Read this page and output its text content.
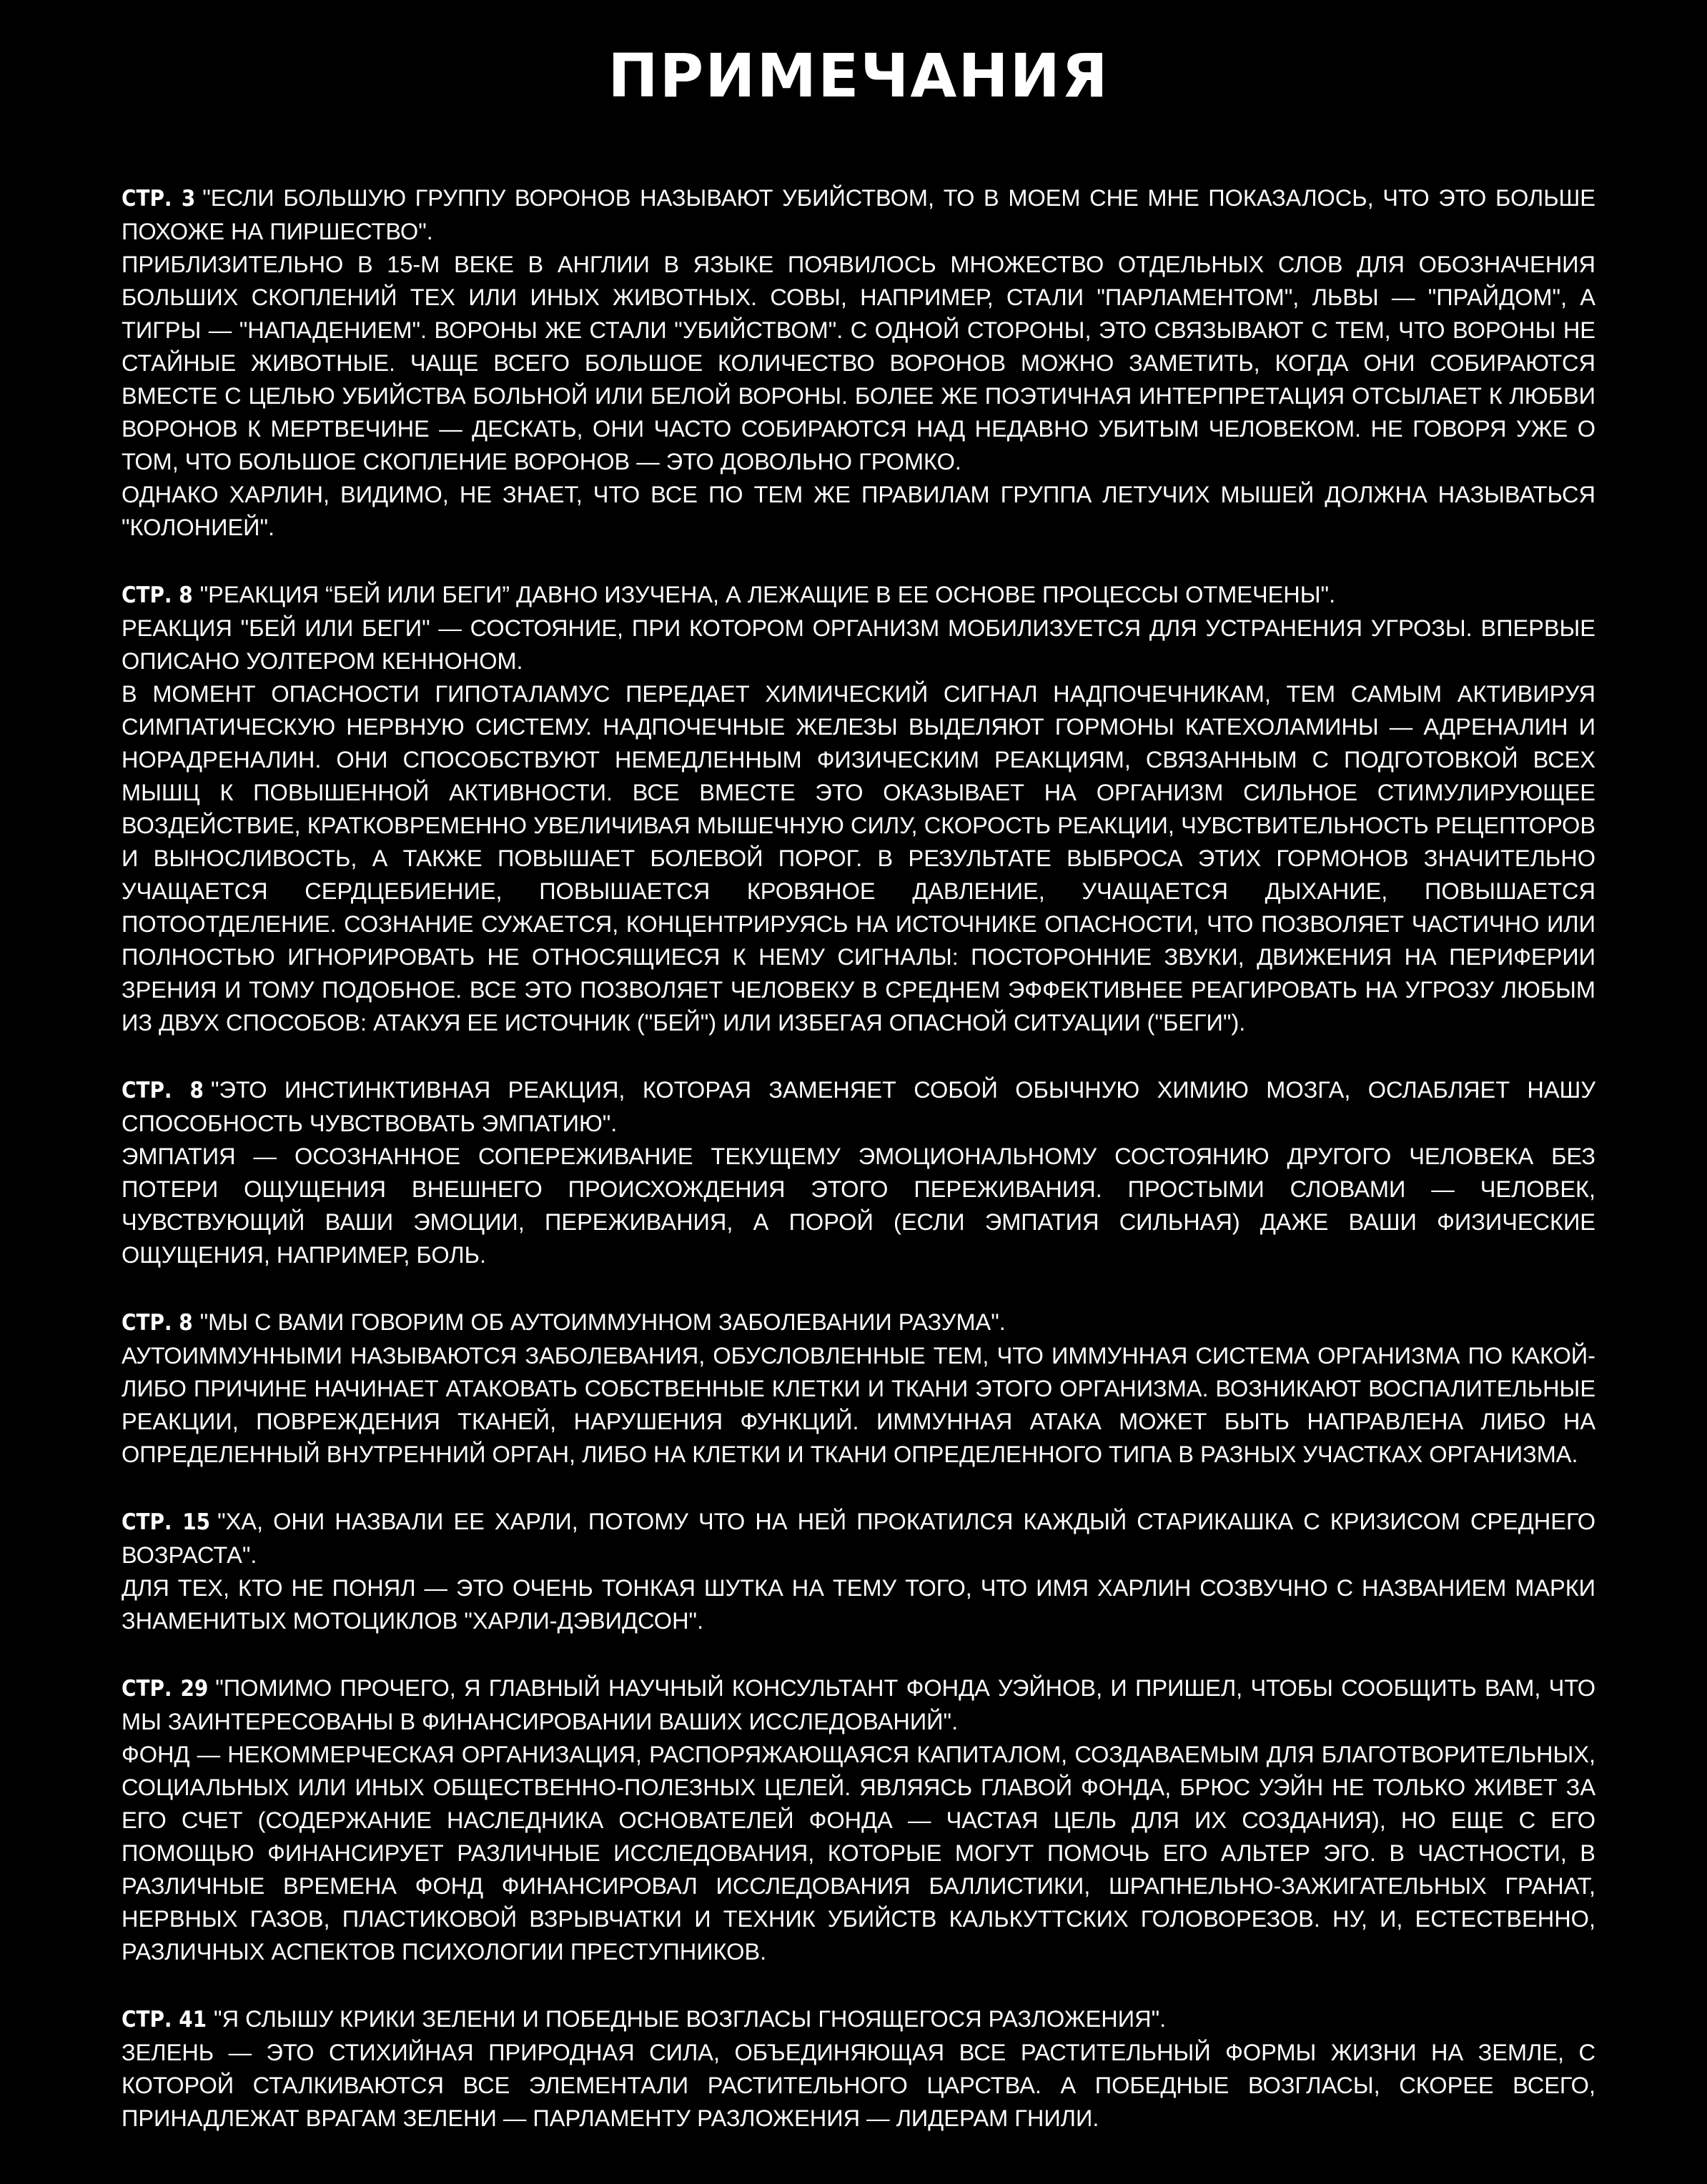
ПРИМЕЧАНИЯ

СТР. 3 "ЕСЛИ БОЛЬШУЮ ГРУППУ ВОРОНОВ НАЗЫВАЮТ УБИЙСТВОМ, ТО В МОЕМ СНЕ МНЕ ПОКАЗАЛОСЬ, ЧТО ЭТО БОЛЬШЕ ПОХОЖЕ НА ПИРШЕСТВО".

ПРИБЛИЗИТЕЛЬНО В 15-М ВЕКЕ В АНГЛИИ В ЯЗЫКЕ ПОЯВИЛОСЬ МНОЖЕСТВО ОТДЕЛЬНЫХ СЛОВ ДЛЯ ОБОЗНАЧЕНИЯ БОЛЬШИХ СКОПЛЕНИЙ ТЕХ ИЛИ ИНЫХ ЖИВОТНЫХ. СОВЫ, НАПРИМЕР, СТАЛИ "ПАРЛАМЕНТОМ", ЛЬВЫ — "ПРАЙДОМ", А ТИГРЫ — "НАПАДЕНИЕМ". ВОРОНЫ ЖЕ СТАЛИ "УБИЙСТВОМ". С ОДНОЙ СТОРОНЫ, ЭТО СВЯЗЫВАЮТ С ТЕМ, ЧТО ВОРОНЫ НЕ СТАЙНЫЕ ЖИВОТНЫЕ. ЧАЩЕ ВСЕГО БОЛЬШОЕ КОЛИЧЕСТВО ВОРОНОВ МОЖНО ЗАМЕТИТЬ, КОГДА ОНИ СОБИРАЮТСЯ ВМЕСТЕ С ЦЕЛЬЮ УБИЙСТВА БОЛЬНОЙ ИЛИ БЕЛОЙ ВОРОНЫ. БОЛЕЕ ЖЕ ПОЭТИЧНАЯ ИНТЕРПРЕТАЦИЯ ОТСЫЛАЕТ К ЛЮБВИ ВОРОНОВ К МЕРТВЕЧИНЕ — ДЕСКАТЬ, ОНИ ЧАСТО СОБИРАЮТСЯ НАД НЕДАВНО УБИТЫМ ЧЕЛОВЕКОМ. НЕ ГОВОРЯ УЖЕ О ТОМ, ЧТО БОЛЬШОЕ СКОПЛЕНИЕ ВОРОНОВ — ЭТО ДОВОЛЬНО ГРОМКО.

ОДНАКО ХАРЛИН, ВИДИМО, НЕ ЗНАЕТ, ЧТО ВСЕ ПО ТЕМ ЖЕ ПРАВИЛАМ ГРУППА ЛЕТУЧИХ МЫШЕЙ ДОЛЖНА НАЗЫВАТЬСЯ "КОЛОНИЕЙ".

СТР. 8 "РЕАКЦИЯ “БЕЙ ИЛИ БЕГИ” ДАВНО ИЗУЧЕНА, А ЛЕЖАЩИЕ В ЕЕ ОСНОВЕ ПРОЦЕССЫ ОТМЕЧЕНЫ".

РЕАКЦИЯ "БЕЙ ИЛИ БЕГИ" — СОСТОЯНИЕ, ПРИ КОТОРОМ ОРГАНИЗМ МОБИЛИЗУЕТСЯ ДЛЯ УСТРАНЕНИЯ УГРОЗЫ. ВПЕРВЫЕ ОПИСАНО УОЛТЕРОМ КЕННОНОМ.

В МОМЕНТ ОПАСНОСТИ ГИПОТАЛАМУС ПЕРЕДАЕТ ХИМИЧЕСКИЙ СИГНАЛ НАДПОЧЕЧНИКАМ, ТЕМ САМЫМ АКТИВИРУЯ СИМПАТИЧЕСКУЮ НЕРВНУЮ СИСТЕМУ. НАДПОЧЕЧНЫЕ ЖЕЛЕЗЫ ВЫДЕЛЯЮТ ГОРМОНЫ КАТЕХОЛАМИНЫ — АДРЕНАЛИН И НОРАДРЕНАЛИН. ОНИ СПОСОБСТВУЮТ НЕМЕДЛЕННЫМ ФИЗИЧЕСКИМ РЕАКЦИЯМ, СВЯЗАННЫМ С ПОДГОТОВКОЙ ВСЕХ МЫШЦ К ПОВЫШЕННОЙ АКТИВНОСТИ. ВСЕ ВМЕСТЕ ЭТО ОКАЗЫВАЕТ НА ОРГАНИЗМ СИЛЬНОЕ СТИМУЛИРУЮЩЕЕ ВОЗДЕЙСТВИЕ, КРАТКОВРЕМЕННО УВЕЛИЧИВАЯ МЫШЕЧНУЮ СИЛУ, СКОРОСТЬ РЕАКЦИИ, ЧУВСТВИТЕЛЬНОСТЬ РЕЦЕПТОРОВ И ВЫНОСЛИВОСТЬ, А ТАКЖЕ ПОВЫШАЕТ БОЛЕВОЙ ПОРОГ. В РЕЗУЛЬТАТЕ ВЫБРОСА ЭТИХ ГОРМОНОВ ЗНАЧИТЕЛЬНО УЧАЩАЕТСЯ СЕРДЦЕБИЕНИЕ, ПОВЫШАЕТСЯ КРОВЯНОЕ ДАВЛЕНИЕ, УЧАЩАЕТСЯ ДЫХАНИЕ, ПОВЫШАЕТСЯ ПОТООТДЕЛЕНИЕ. СОЗНАНИЕ СУЖАЕТСЯ, КОНЦЕНТРИРУЯСЬ НА ИСТОЧНИКЕ ОПАСНОСТИ, ЧТО ПОЗВОЛЯЕТ ЧАСТИЧНО ИЛИ ПОЛНОСТЬЮ ИГНОРИРОВАТЬ НЕ ОТНОСЯЩИЕСЯ К НЕМУ СИГНАЛЫ: ПОСТОРОННИЕ ЗВУКИ, ДВИЖЕНИЯ НА ПЕРИФЕРИИ ЗРЕНИЯ И ТОМУ ПОДОБНОЕ. ВСЕ ЭТО ПОЗВОЛЯЕТ ЧЕЛОВЕКУ В СРЕДНЕМ ЭФФЕКТИВНЕЕ РЕАГИРОВАТЬ НА УГРОЗУ ЛЮБЫМ ИЗ ДВУХ СПОСОБОВ: АТАКУЯ ЕЕ ИСТОЧНИК ("БЕЙ") ИЛИ ИЗБЕГАЯ ОПАСНОЙ СИТУАЦИИ ("БЕГИ").

СТР. 8 "ЭТО ИНСТИНКТИВНАЯ РЕАКЦИЯ, КОТОРАЯ ЗАМЕНЯЕТ СОБОЙ ОБЫЧНУЮ ХИМИЮ МОЗГА, ОСЛАБЛЯЕТ НАШУ СПОСОБНОСТЬ ЧУВСТВОВАТЬ ЭМПАТИЮ".

ЭМПАТИЯ — ОСОЗНАННОЕ СОПЕРЕЖИВАНИЕ ТЕКУЩЕМУ ЭМОЦИОНАЛЬНОМУ СОСТОЯНИЮ ДРУГОГО ЧЕЛОВЕКА БЕЗ ПОТЕРИ ОЩУЩЕНИЯ ВНЕШНЕГО ПРОИСХОЖДЕНИЯ ЭТОГО ПЕРЕЖИВАНИЯ. ПРОСТЫМИ СЛОВАМИ — ЧЕЛОВЕК, ЧУВСТВУЮЩИЙ ВАШИ ЭМОЦИИ, ПЕРЕЖИВАНИЯ, А ПОРОЙ (ЕСЛИ ЭМПАТИЯ СИЛЬНАЯ) ДАЖЕ ВАШИ ФИЗИЧЕСКИЕ ОЩУЩЕНИЯ, НАПРИМЕР, БОЛЬ.

СТР. 8 "МЫ С ВАМИ ГОВОРИМ ОБ АУТОИММУННОМ ЗАБОЛЕВАНИИ РАЗУМА".

АУТОИММУННЫМИ НАЗЫВАЮТСЯ ЗАБОЛЕВАНИЯ, ОБУСЛОВЛЕННЫЕ ТЕМ, ЧТО ИММУННАЯ СИСТЕМА ОРГАНИЗМА ПО КАКОЙ-ЛИБО ПРИЧИНЕ НАЧИНАЕТ АТАКОВАТЬ СОБСТВЕННЫЕ КЛЕТКИ И ТКАНИ ЭТОГО ОРГАНИЗМА. ВОЗНИКАЮТ ВОСПАЛИТЕЛЬНЫЕ РЕАКЦИИ, ПОВРЕЖДЕНИЯ ТКАНЕЙ, НАРУШЕНИЯ ФУНКЦИЙ. ИММУННАЯ АТАКА МОЖЕТ БЫТЬ НАПРАВЛЕНА ЛИБО НА ОПРЕДЕЛЕННЫЙ ВНУТРЕННИЙ ОРГАН, ЛИБО НА КЛЕТКИ И ТКАНИ ОПРЕДЕЛЕННОГО ТИПА В РАЗНЫХ УЧАСТКАХ ОРГАНИЗМА.

СТР. 15 "ХА, ОНИ НАЗВАЛИ ЕЕ ХАРЛИ, ПОТОМУ ЧТО НА НЕЙ ПРОКАТИЛСЯ КАЖДЫЙ СТАРИКАШКА С КРИЗИСОМ СРЕДНЕГО ВОЗРАСТА".

ДЛЯ ТЕХ, КТО НЕ ПОНЯЛ — ЭТО ОЧЕНЬ ТОНКАЯ ШУТКА НА ТЕМУ ТОГО, ЧТО ИМЯ ХАРЛИН СОЗВУЧНО С НАЗВАНИЕМ МАРКИ ЗНАМЕНИТЫХ МОТОЦИКЛОВ "ХАРЛИ-ДЭВИДСОН".

СТР. 29 "ПОМИМО ПРОЧЕГО, Я ГЛАВНЫЙ НАУЧНЫЙ КОНСУЛЬТАНТ ФОНДА УЭЙНОВ, И ПРИШЕЛ, ЧТОБЫ СООБЩИТЬ ВАМ, ЧТО МЫ ЗАИНТЕРЕСОВАНЫ В ФИНАНСИРОВАНИИ ВАШИХ ИССЛЕДОВАНИЙ".

ФОНД — НЕКОММЕРЧЕСКАЯ ОРГАНИЗАЦИЯ, РАСПОРЯЖАЮЩАЯСЯ КАПИТАЛОМ, СОЗДАВАЕМЫМ ДЛЯ БЛАГОТВОРИТЕЛЬНЫХ, СОЦИАЛЬНЫХ ИЛИ ИНЫХ ОБЩЕСТВЕННО-ПОЛЕЗНЫХ ЦЕЛЕЙ. ЯВЛЯЯСЬ ГЛАВОЙ ФОНДА, БРЮС УЭЙН НЕ ТОЛЬКО ЖИВЕТ ЗА ЕГО СЧЕТ (СОДЕРЖАНИЕ НАСЛЕДНИКА ОСНОВАТЕЛЕЙ ФОНДА — ЧАСТАЯ ЦЕЛЬ ДЛЯ ИХ СОЗДАНИЯ), НО ЕЩЕ С ЕГО ПОМОЩЬЮ ФИНАНСИРУЕТ РАЗЛИЧНЫЕ ИССЛЕДОВАНИЯ, КОТОРЫЕ МОГУТ ПОМОЧЬ ЕГО АЛЬТЕР ЭГО. В ЧАСТНОСТИ, В РАЗЛИЧНЫЕ ВРЕМЕНА ФОНД ФИНАНСИРОВАЛ ИССЛЕДОВАНИЯ БАЛЛИСТИКИ, ШРАПНЕЛЬНО-ЗАЖИГАТЕЛЬНЫХ ГРАНАТ, НЕРВНЫХ ГАЗОВ, ПЛАСТИКОВОЙ ВЗРЫВЧАТКИ И ТЕХНИК УБИЙСТВ КАЛЬКУТТСКИХ ГОЛОВОРЕЗОВ. НУ, И, ЕСТЕСТВЕННО, РАЗЛИЧНЫХ АСПЕКТОВ ПСИХОЛОГИИ ПРЕСТУПНИКОВ.

СТР. 41 "Я СЛЫШУ КРИКИ ЗЕЛЕНИ И ПОБЕДНЫЕ ВОЗГЛАСЫ ГНОЯЩЕГОСЯ РАЗЛОЖЕНИЯ".

ЗЕЛЕНЬ — ЭТО СТИХИЙНАЯ ПРИРОДНАЯ СИЛА, ОБЪЕДИНЯЮЩАЯ ВСЕ РАСТИТЕЛЬНЫЙ ФОРМЫ ЖИЗНИ НА ЗЕМЛЕ, С КОТОРОЙ СТАЛКИВАЮТСЯ ВСЕ ЭЛЕМЕНТАЛИ РАСТИТЕЛЬНОГО ЦАРСТВА. А ПОБЕДНЫЕ ВОЗГЛАСЫ, СКОРЕЕ ВСЕГО, ПРИНАДЛЕЖАТ ВРАГАМ ЗЕЛЕНИ — ПАРЛАМЕНТУ РАЗЛОЖЕНИЯ — ЛИДЕРАМ ГНИЛИ.
